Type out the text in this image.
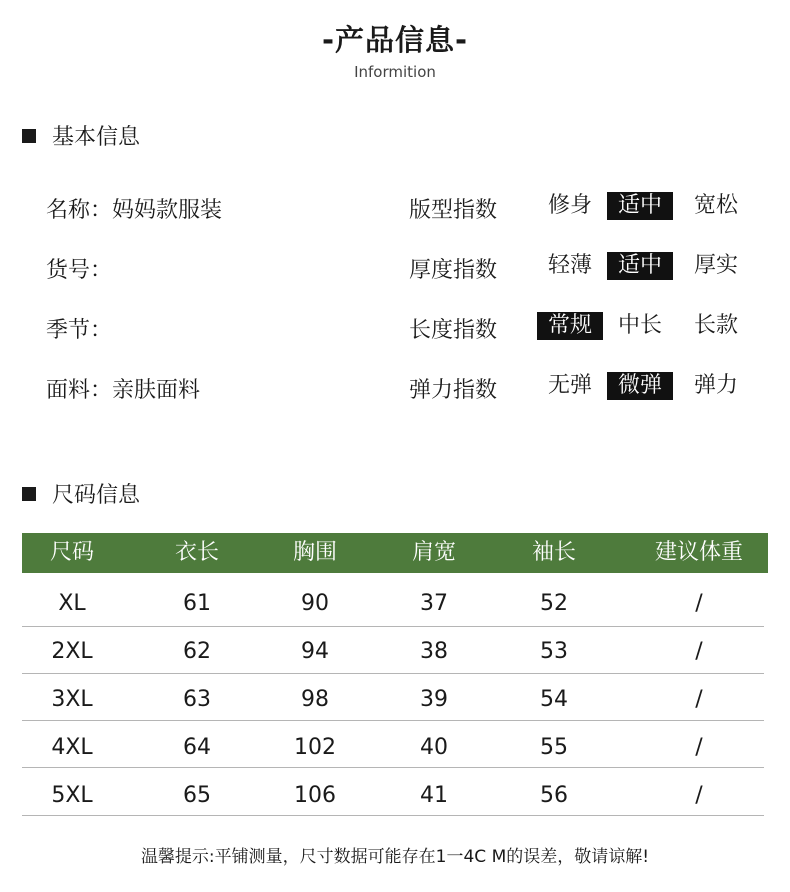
-产品信息-
Informition
基本信息
名称：妈妈款服装
货号：
季节：
面料：亲肤面料
版型指数	修身	适中	宽松
厚度指数	轻薄	适中	厚实
长度指数	常规	中长	长款
弹力指数	无弹	微弹	弹力
尺码信息
尺码	衣长	胸围	肩宽	袖长	建议体重
XL	61	90	37	52	/
2XL	62	94	38	53	/
3XL	63	98	39	54	/
4XL	64	102	40	55	/
5XL	65	106	41	56	/
温馨提示:平铺测量，尺寸数据可能存在1一4C M的误差，敬请谅解!
